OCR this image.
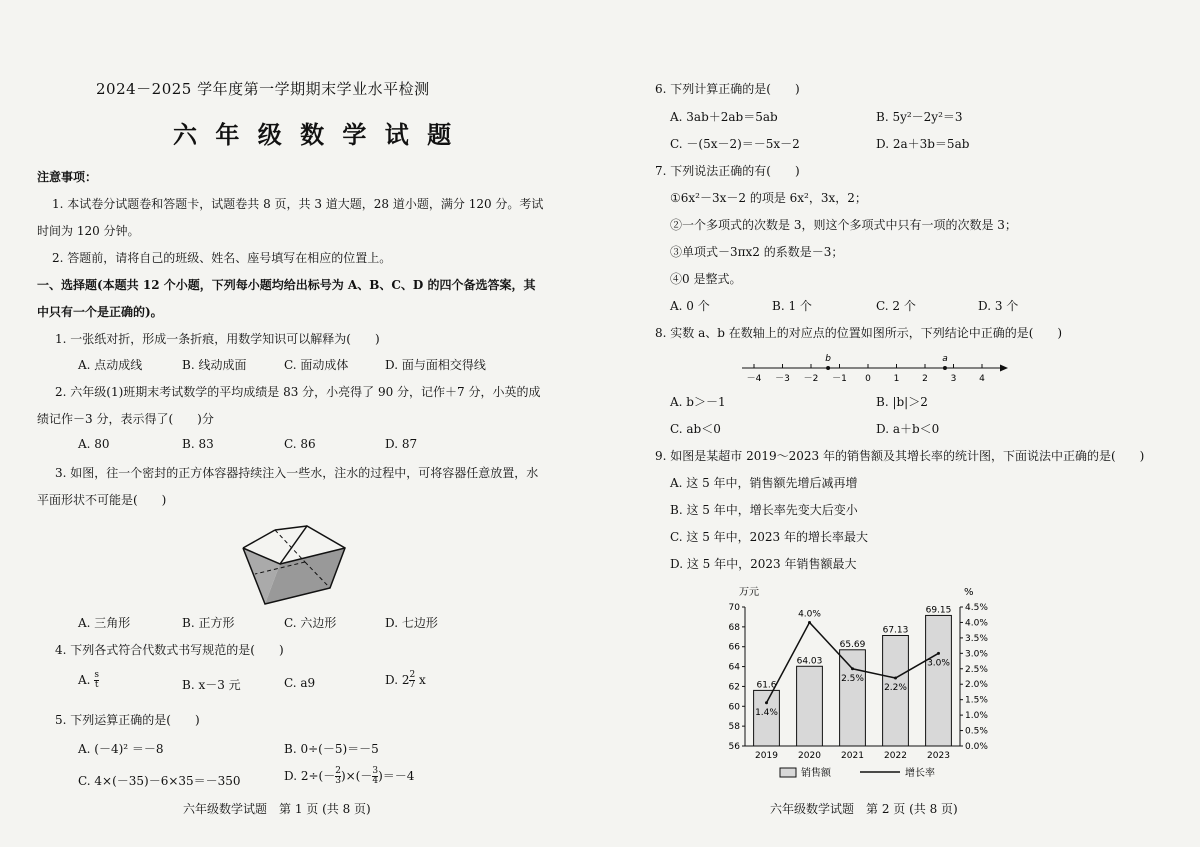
2024－2025 学年度第一学期期末学业水平检测
六 年 级 数 学 试 题
注意事项：
1. 本试卷分试题卷和答题卡，试题卷共 8 页，共 3 道大题，28 道小题，满分 120 分。考试
时间为 120 分钟。
2. 答题前，请将自己的班级、姓名、座号填写在相应的位置上。
一、选择题(本题共 12 个小题，下列每小题均给出标号为 A、B、C、D 的四个备选答案，其
中只有一个是正确的)。
1. 一张纸对折，形成一条折痕，用数学知识可以解释为(　　)
A. 点动成线	B. 线动成面	C. 面动成体	D. 面与面相交得线
2. 六年级(1)班期末考试数学的平均成绩是 83 分，小亮得了 90 分，记作＋7 分，小英的成
绩记作－3 分，表示得了(　　)分
A. 80	B. 83	C. 86	D. 87
3. 如图，往一个密封的正方体容器持续注入一些水，注水的过程中，可将容器任意放置，水
平面形状不可能是(　　)
A. 三角形	B. 正方形	C. 六边形	D. 七边形
4. 下列各式符合代数式书写规范的是(　　)
A. $\frac{s}{t}$	B. x－3 元	C. a9	D. $2 \frac{2}{7}$ x
5. 下列运算正确的是(　　)
A. (－4)² ＝－8	B. 0÷(－5)＝－5
C. 4×(－35)－6×35＝－350	D. $2\div(- \frac{2}{3}$ )×(－ $\frac{3}{4} )=-4$
六年级数学试题　第 1 页 (共 8 页)
6. 下列计算正确的是(　　)
A. 3ab＋2ab＝5ab	B. 5y²－2y²＝3
C. －(5x－2)＝－5x－2	D. 2a＋3b＝5ab
7. 下列说法正确的有(　　)
①6x²－3x－2 的项是 6x²，3x，2；
②一个多项式的次数是 3，则这个多项式中只有一项的次数是 3；
③单项式－3πx2 的系数是－3；
④0 是整式。
A. 0 个	B. 1 个	C. 2 个	D. 3 个
8. 实数 a、b 在数轴上的对应点的位置如图所示，下列结论中正确的是(　　)
－4 －3 －2 －1 0	1	2	3	4
b	a
A. b＞－1	B. |b|＞2
C. ab＜0	D. a＋b＜0
9. 如图是某超市 2019～2023 年的销售额及其增长率的统计图，下面说法中正确的是(　　)
A. 这 5 年中，销售额先增后减再增
B. 这 5 年中，增长率先变大后变小
C. 这 5 年中，2023 年的增长率最大
D. 这 5 年中，2023 年销售额最大
万元	%
56
58
60
62
64
66
68
70
0.0%
0.5%
1.0%
1.5%
2.0%
2.5%
3.0%
3.5%
4.0%
4.5%
61.6
64.03
65.69
67.13
69.15
2019 2020 2021 2022 2023
1.4%
4.0%
2.5%
2.2%
3.0%
销售额	增长率
六年级数学试题　第 2 页 (共 8 页)
